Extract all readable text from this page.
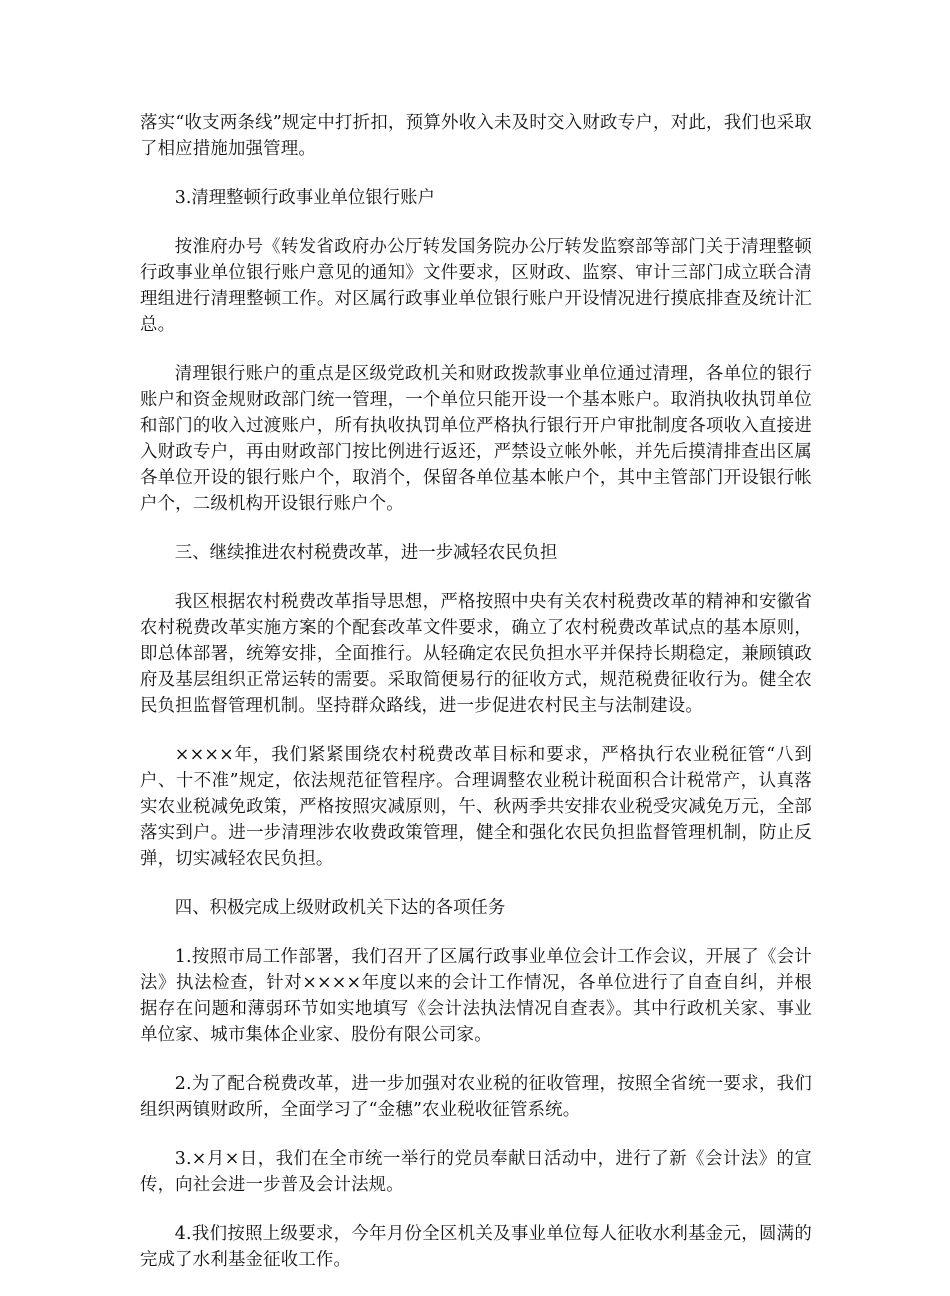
落实“收支两条线”规定中打折扣，预算外收入未及时交入财政专户，对此，我们也采取了相应措施加强管理。

3.清理整顿行政事业单位银行账户

按淮府办号《转发省政府办公厅转发国务院办公厅转发监察部等部门关于清理整顿行政事业单位银行账户意见的通知》文件要求，区财政、监察、审计三部门成立联合清理组进行清理整顿工作。对区属行政事业单位银行账户开设情况进行摸底排查及统计汇总。

清理银行账户的重点是区级党政机关和财政拨款事业单位通过清理，各单位的银行账户和资金规财政部门统一管理，一个单位只能开设一个基本账户。取消执收执罚单位和部门的收入过渡账户，所有执收执罚单位严格执行银行开户审批制度各项收入直接进入财政专户，再由财政部门按比例进行返还，严禁设立帐外帐，并先后摸清排查出区属各单位开设的银行账户个，取消个，保留各单位基本帐户个，其中主管部门开设银行帐户个，二级机构开设银行账户个。

三、继续推进农村税费改革，进一步减轻农民负担

我区根据农村税费改革指导思想，严格按照中央有关农村税费改革的精神和安徽省农村税费改革实施方案的个配套改革文件要求，确立了农村税费改革试点的基本原则，即总体部署，统筹安排，全面推行。从轻确定农民负担水平并保持长期稳定，兼顾镇政府及基层组织正常运转的需要。采取简便易行的征收方式，规范税费征收行为。健全农民负担监督管理机制。坚持群众路线，进一步促进农村民主与法制建设。

××××年，我们紧紧围绕农村税费改革目标和要求，严格执行农业税征管“八到户、十不准”规定，依法规范征管程序。合理调整农业税计税面积合计税常产，认真落实农业税减免政策，严格按照灾减原则，午、秋两季共安排农业税受灾减免万元，全部落实到户。进一步清理涉农收费政策管理，健全和强化农民负担监督管理机制，防止反弹，切实减轻农民负担。

四、积极完成上级财政机关下达的各项任务

1.按照市局工作部署，我们召开了区属行政事业单位会计工作会议，开展了《会计法》执法检查，针对××××年度以来的会计工作情况，各单位进行了自查自纠，并根据存在问题和薄弱环节如实地填写《会计法执法情况自查表》。其中行政机关家、事业单位家、城市集体企业家、股份有限公司家。

2.为了配合税费改革，进一步加强对农业税的征收管理，按照全省统一要求，我们组织两镇财政所，全面学习了“金穗”农业税收征管系统。

3.×月×日，我们在全市统一举行的党员奉献日活动中，进行了新《会计法》的宣传，向社会进一步普及会计法规。

4.我们按照上级要求，今年月份全区机关及事业单位每人征收水利基金元，圆满的完成了水利基金征收工作。
